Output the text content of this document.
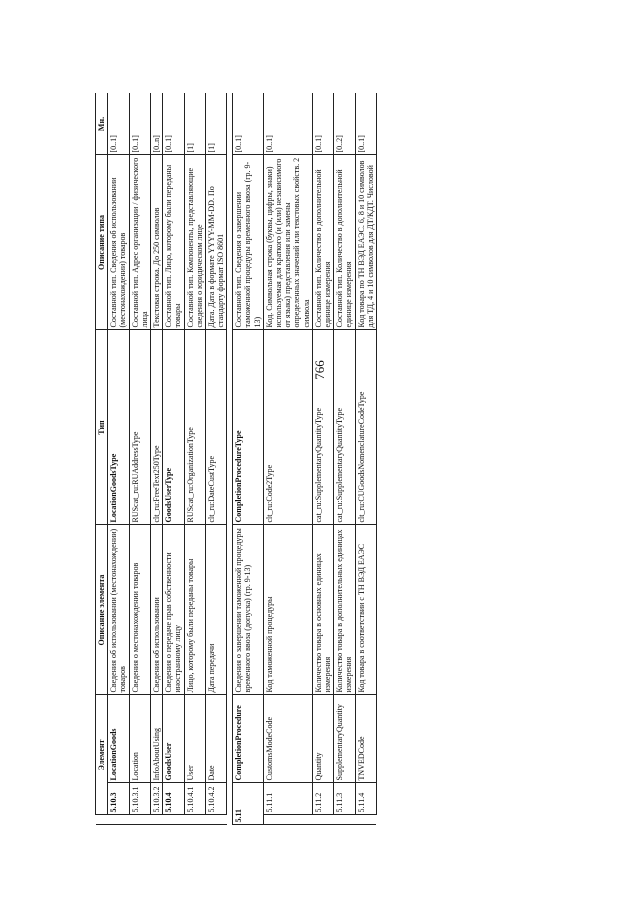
766
		Элемент		Описание элемента	Тип	Описание типа	Мн.
		5.10.3	LocationGoods	Сведения об использовании (местонахождении) товаров	LocationGoodsType	Составной тип. Сведения об использовании (местонахождении) товаров	[0..1]
		5.10.3.1	Location	Сведения о местонахождении товаров	RUScat_ru:RUAddressType	Составной тип. Адрес организации / физического лица	[0..1]
		5.10.3.2	InfoAboutUsing	Сведения об использовании	clt_ru:FreeText250Type	Текстовая строка. До 250 символов	[0..n]
		5.10.4	GoodsUser	Сведения о передаче прав собственности иностранному лицу	GoodsUserType	Составной тип. Лицо, которому были переданы товары	[0..1]
		5.10.4.1	User	Лицо, которому были переданы товары	RUScat_ru:OrganizationType	Составной тип. Компоненты, представляющие сведения о юридическом лице	[1]
		5.10.4.2	Date	Дата передачи	clt_ru:DateCustType	Дата. Дата в формате YYYY-MM-DD. По стандарту формат ISO 8601	[1]

	5.11		CompletionProcedure	Сведения о завершении таможенной процедуры временного ввоза (допуска) (гр. 9-13)	CompletionProcedureType	Составной тип. Сведения о завершении таможенной процедуры временного ввоза (гр. 9-13)	[0..1]
		5.11.1	CustomsModeCode	Код таможенной процедуры	clt_ru:Code2Type	Код. Символьная строка (буквы, цифры, знаки) используемая для краткого (и (или) независимого от языка) представления или замены определенных значений или текстовых свойств. 2 символа	[0..1]
		5.11.2	Quantity	Количество товара в основных единицах измерения	cat_ru:SupplementaryQuantityType	Составной тип. Количество в дополнительной единице измерения	[0..1]
		5.11.3	SupplementaryQuantity	Количество товара в дополнительных единицах измерения	cat_ru:SupplementaryQuantityType	Составной тип. Количество в дополнительной единице измерения	[0..2]
		5.11.4	TNVEDCode	Код товара в соответствии с ТН ВЭД ЕАЭС	clt_ru:CUGoodsNomenclatureCodeType	Код товара по ТН ВЭД ЕАЭС. 6, 8 и 10 символов для ТД, 4 и 10 символов для ДТ/КДТ. Числовой	[0..1]
